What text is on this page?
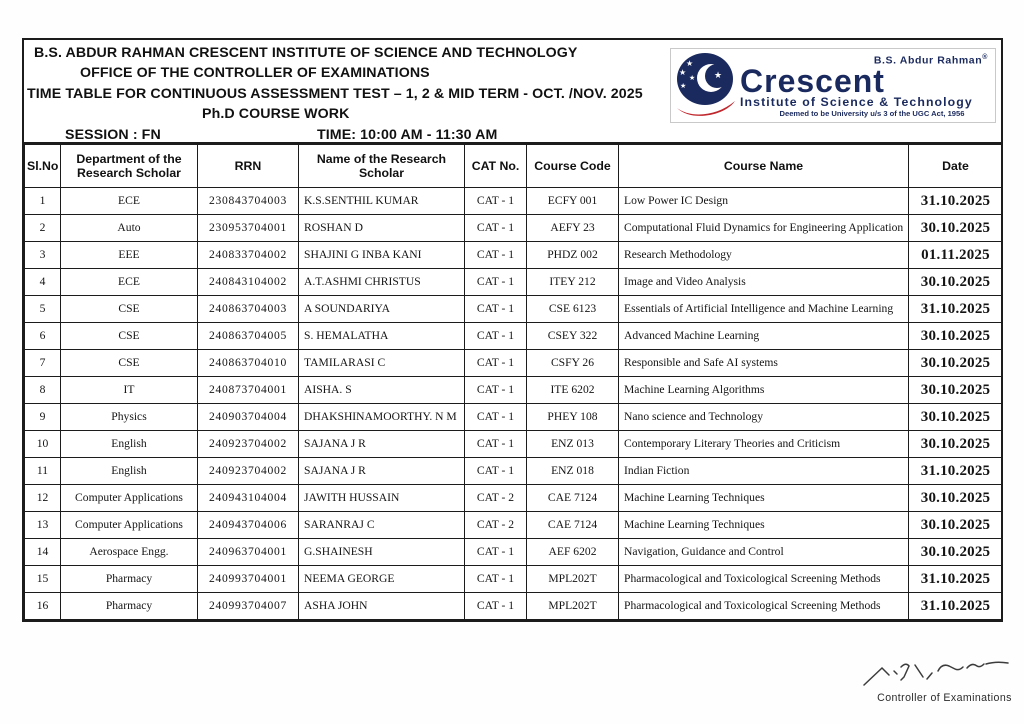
B.S. ABDUR RAHMAN CRESCENT INSTITUTE OF SCIENCE AND TECHNOLOGY
OFFICE OF THE CONTROLLER OF EXAMINATIONS
TIME TABLE FOR CONTINUOUS ASSESSMENT TEST – 1, 2 & MID TERM - OCT. /NOV. 2025
Ph.D COURSE WORK
SESSION : FN	TIME: 10:00 AM - 11:30 AM
★
★
★
★ ★
B.S. Abdur Rahman®
Crescent
Institute of Science & Technology
Deemed to be University u/s 3 of the UGC Act, 1956
Sl.No	Department of the Research Scholar	RRN	Name of the Research Scholar	CAT No.	Course Code	Course Name	Date
1	ECE	230843704003	K.S.SENTHIL KUMAR	CAT - 1	ECFY 001	Low Power IC Design	31.10.2025
2	Auto	230953704001	ROSHAN D	CAT - 1	AEFY 23	Computational Fluid Dynamics for Engineering Application	30.10.2025
3	EEE	240833704002	SHAJINI G INBA KANI	CAT - 1	PHDZ 002	Research Methodology	01.11.2025
4	ECE	240843104002	A.T.ASHMI CHRISTUS	CAT - 1	ITEY 212	Image and Video Analysis	30.10.2025
5	CSE	240863704003	A SOUNDARIYA	CAT - 1	CSE 6123	Essentials of Artificial Intelligence and Machine Learning	31.10.2025
6	CSE	240863704005	S. HEMALATHA	CAT - 1	CSEY 322	Advanced Machine Learning	30.10.2025
7	CSE	240863704010	TAMILARASI C	CAT - 1	CSFY 26	Responsible and Safe AI systems	30.10.2025
8	IT	240873704001	AISHA. S	CAT - 1	ITE 6202	Machine Learning Algorithms	30.10.2025
9	Physics	240903704004	DHAKSHINAMOORTHY. N M	CAT - 1	PHEY 108	Nano science and Technology	30.10.2025
10	English	240923704002	SAJANA J R	CAT - 1	ENZ 013	Contemporary Literary Theories and Criticism	30.10.2025
11	English	240923704002	SAJANA J R	CAT - 1	ENZ 018	Indian Fiction	31.10.2025
12	Computer Applications	240943104004	JAWITH HUSSAIN	CAT - 2	CAE 7124	Machine Learning Techniques	30.10.2025
13	Computer Applications	240943704006	SARANRAJ C	CAT - 2	CAE 7124	Machine Learning Techniques	30.10.2025
14	Aerospace Engg.	240963704001	G.SHAINESH	CAT - 1	AEF 6202	Navigation, Guidance and Control	30.10.2025
15	Pharmacy	240993704001	NEEMA GEORGE	CAT - 1	MPL202T	Pharmacological and Toxicological Screening Methods	31.10.2025
16	Pharmacy	240993704007	ASHA JOHN	CAT - 1	MPL202T	Pharmacological and Toxicological Screening Methods	31.10.2025
Controller of Examinations
